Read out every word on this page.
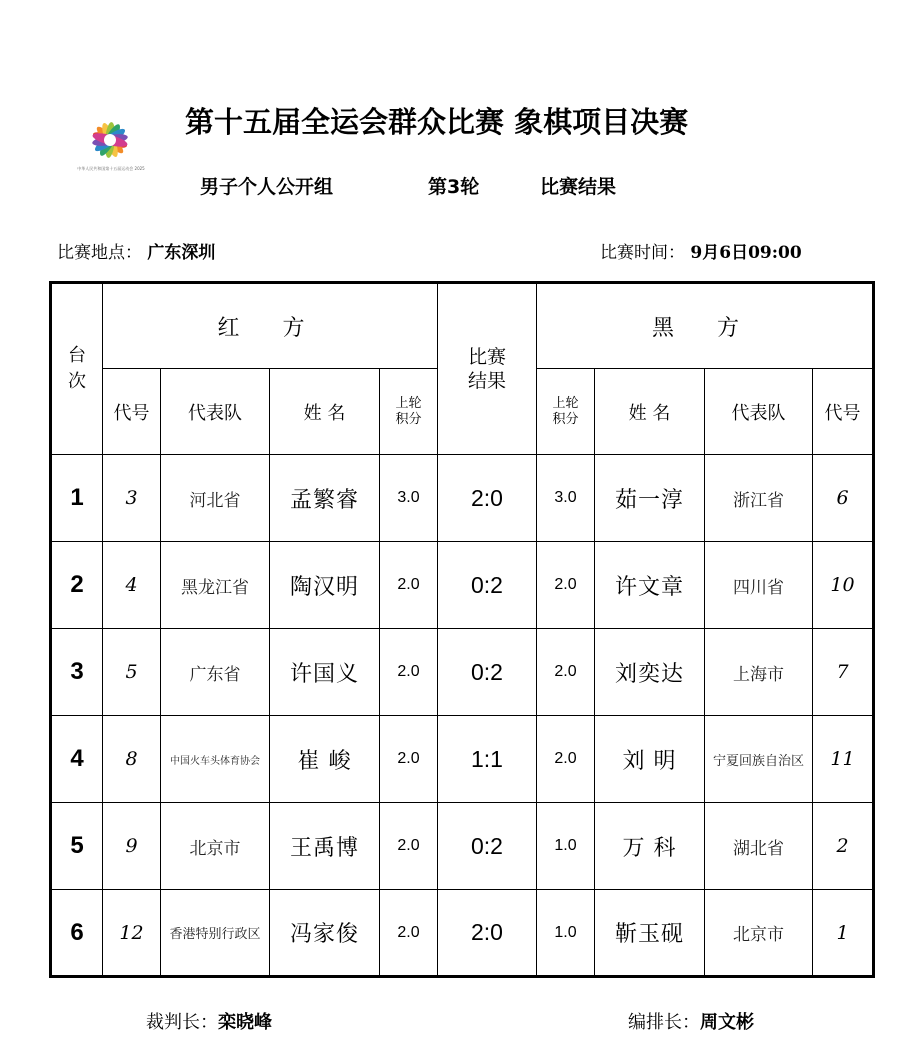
中华人民共和国第十五届运动会 2025
第十五届全运会群众比赛 象棋项目决赛
男子个人公开组	第3轮	比赛结果
比赛地点： 广东深圳	比赛时间： 9月6日09:00
台次	红 方				比赛结果	黑 方			
	代号	代表队	姓 名	上轮积分		上轮积分	姓 名	代表队	代号
1	3	河北省	孟繁睿	3.0	2:0	3.0	茹一淳	浙江省	6
2	4	黑龙江省	陶汉明	2.0	0:2	2.0	许文章	四川省	10
3	5	广东省	许国义	2.0	0:2	2.0	刘奕达	上海市	7
4	8	中国火车头体育协会	崔 峻	2.0	1:1	2.0	刘 明	宁夏回族自治区	11
5	9	北京市	王禹博	2.0	0:2	1.0	万 科	湖北省	2
6	12	香港特别行政区	冯家俊	2.0	2:0	1.0	靳玉砚	北京市	1
裁判长：栾晓峰	编排长：周文彬
